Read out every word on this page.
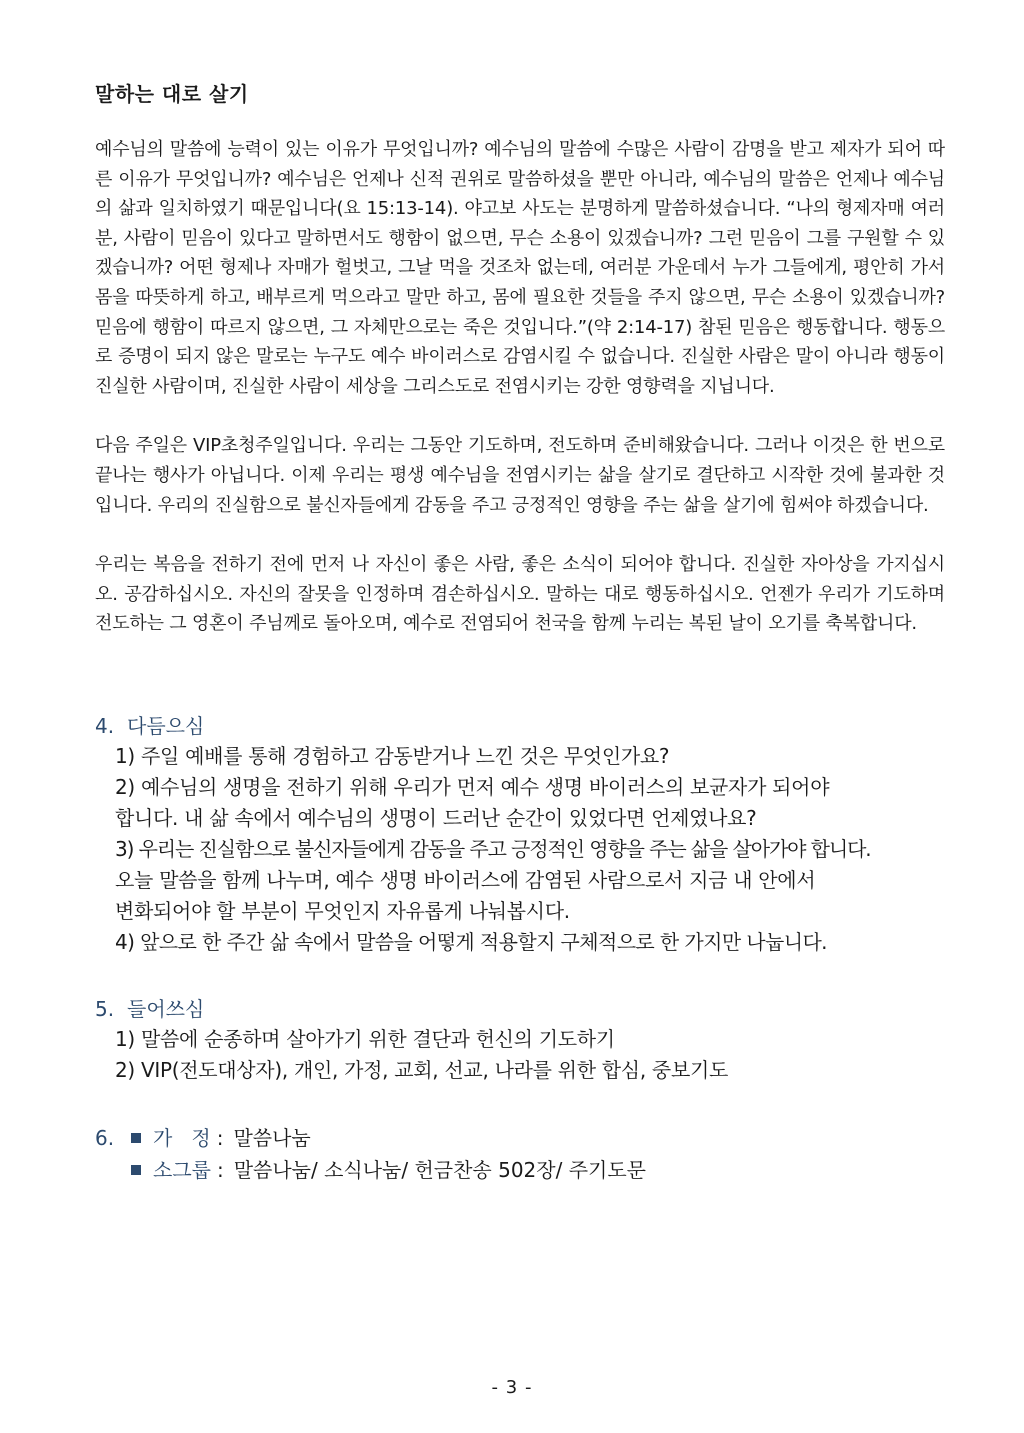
말하는 대로 살기

예수님의 말씀에 능력이 있는 이유가 무엇입니까? 예수님의 말씀에 수많은 사람이 감명을 받고 제자가 되어 따른 이유가 무엇입니까? 예수님은 언제나 신적 권위로 말씀하셨을 뿐만 아니라, 예수님의 말씀은 언제나 예수님의 삶과 일치하였기 때문입니다(요 15:13-14). 야고보 사도는 분명하게 말씀하셨습니다. “나의 형제자매 여러분, 사람이 믿음이 있다고 말하면서도 행함이 없으면, 무슨 소용이 있겠습니까? 그런 믿음이 그를 구원할 수 있겠습니까? 어떤 형제나 자매가 헐벗고, 그날 먹을 것조차 없는데, 여러분 가운데서 누가 그들에게, 평안히 가서 몸을 따뜻하게 하고, 배부르게 먹으라고 말만 하고, 몸에 필요한 것들을 주지 않으면, 무슨 소용이 있겠습니까? 믿음에 행함이 따르지 않으면, 그 자체만으로는 죽은 것입니다.”(약 2:14-17) 참된 믿음은 행동합니다. 행동으로 증명이 되지 않은 말로는 누구도 예수 바이러스로 감염시킬 수 없습니다. 진실한 사람은 말이 아니라 행동이 진실한 사람이며, 진실한 사람이 세상을 그리스도로 전염시키는 강한 영향력을 지닙니다.

다음 주일은 VIP초청주일입니다. 우리는 그동안 기도하며, 전도하며 준비해왔습니다. 그러나 이것은 한 번으로 끝나는 행사가 아닙니다. 이제 우리는 평생 예수님을 전염시키는 삶을 살기로 결단하고 시작한 것에 불과한 것입니다. 우리의 진실함으로 불신자들에게 감동을 주고 긍정적인 영향을 주는 삶을 살기에 힘써야 하겠습니다.

우리는 복음을 전하기 전에 먼저 나 자신이 좋은 사람, 좋은 소식이 되어야 합니다. 진실한 자아상을 가지십시오. 공감하십시오. 자신의 잘못을 인정하며 겸손하십시오. 말하는 대로 행동하십시오. 언젠가 우리가 기도하며 전도하는 그 영혼이 주님께로 돌아오며, 예수로 전염되어 천국을 함께 누리는 복된 날이 오기를 축복합니다.

4. 다듬으심
1) 주일 예배를 통해 경험하고 감동받거나 느낀 것은 무엇인가요?
2) 예수님의 생명을 전하기 위해 우리가 먼저 예수 생명 바이러스의 보균자가 되어야
합니다. 내 삶 속에서 예수님의 생명이 드러난 순간이 있었다면 언제였나요?
3) 우리는 진실함으로 불신자들에게 감동을 주고 긍정적인 영향을 주는 삶을 살아가야 합니다.
오늘 말씀을 함께 나누며, 예수 생명 바이러스에 감염된 사람으로서 지금 내 안에서
변화되어야 할 부분이 무엇인지 자유롭게 나눠봅시다.
4) 앞으로 한 주간 삶 속에서 말씀을 어떻게 적용할지 구체적으로 한 가지만 나눕니다.
5. 들어쓰심
1) 말씀에 순종하며 살아가기 위한 결단과 헌신의 기도하기
2) VIP(전도대상자), 개인, 가정, 교회, 선교, 나라를 위한 합심, 중보기도
6.	가   정 : 말씀나눔
소그룹 : 말씀나눔/ 소식나눔/ 헌금찬송 502장/ 주기도문
- 3 -
